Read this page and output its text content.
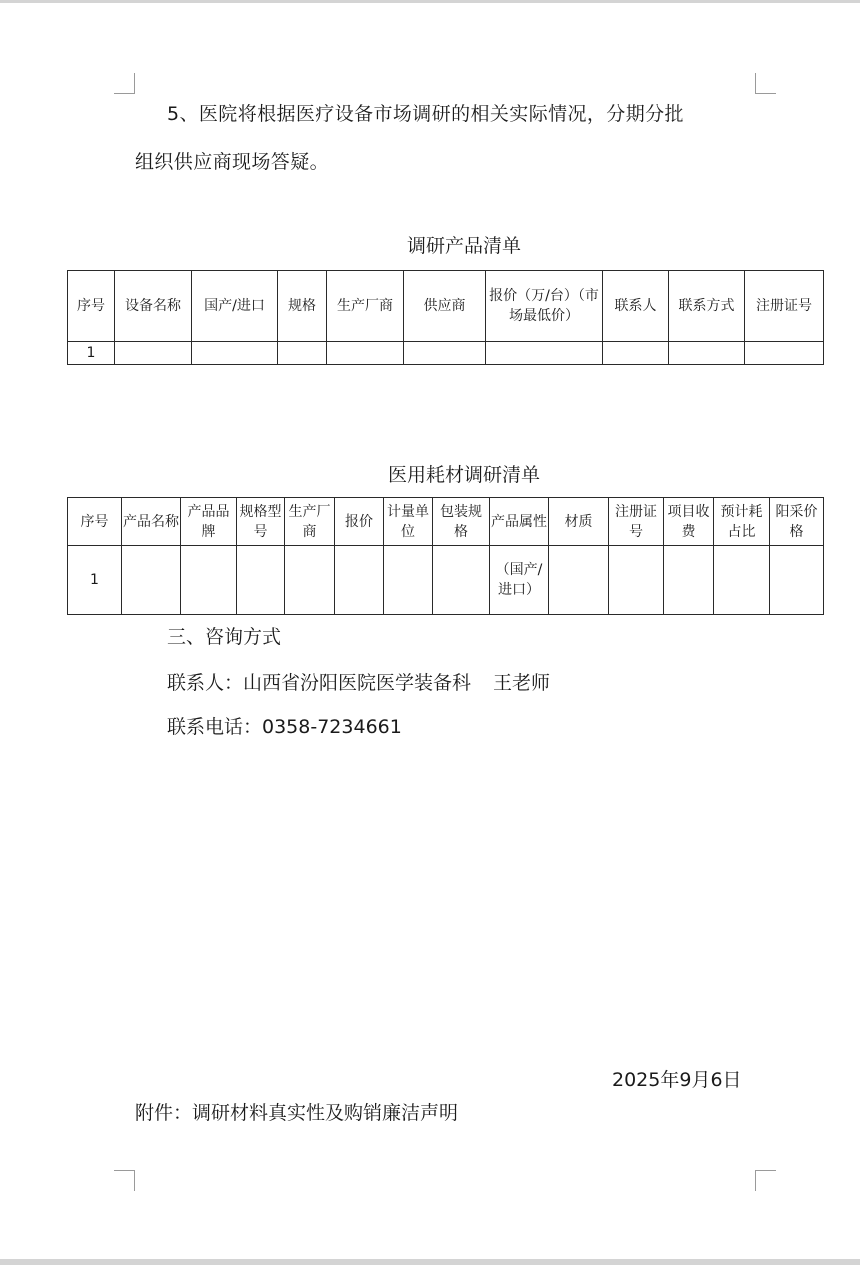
5、医院将根据医疗设备市场调研的相关实际情况，分期分批
组织供应商现场答疑。
调研产品清单
序号	设备名称	国产/进口	规格	生产厂商	供应商	报价（万/台）（市场最低价）	联系人	联系方式	注册证号
1									
医用耗材调研清单
序号	产品名称	产品品牌	规格型号	生产厂商	报价	计量单位	包装规格	产品属性	材质	注册证号	项目收费	预计耗占比	阳采价格

1								（国产/进口）					

三、咨询方式
联系人：山西省汾阳医院医学装备科 王老师
联系电话：0358-7234661
2025年9月6日
附件：调研材料真实性及购销廉洁声明
